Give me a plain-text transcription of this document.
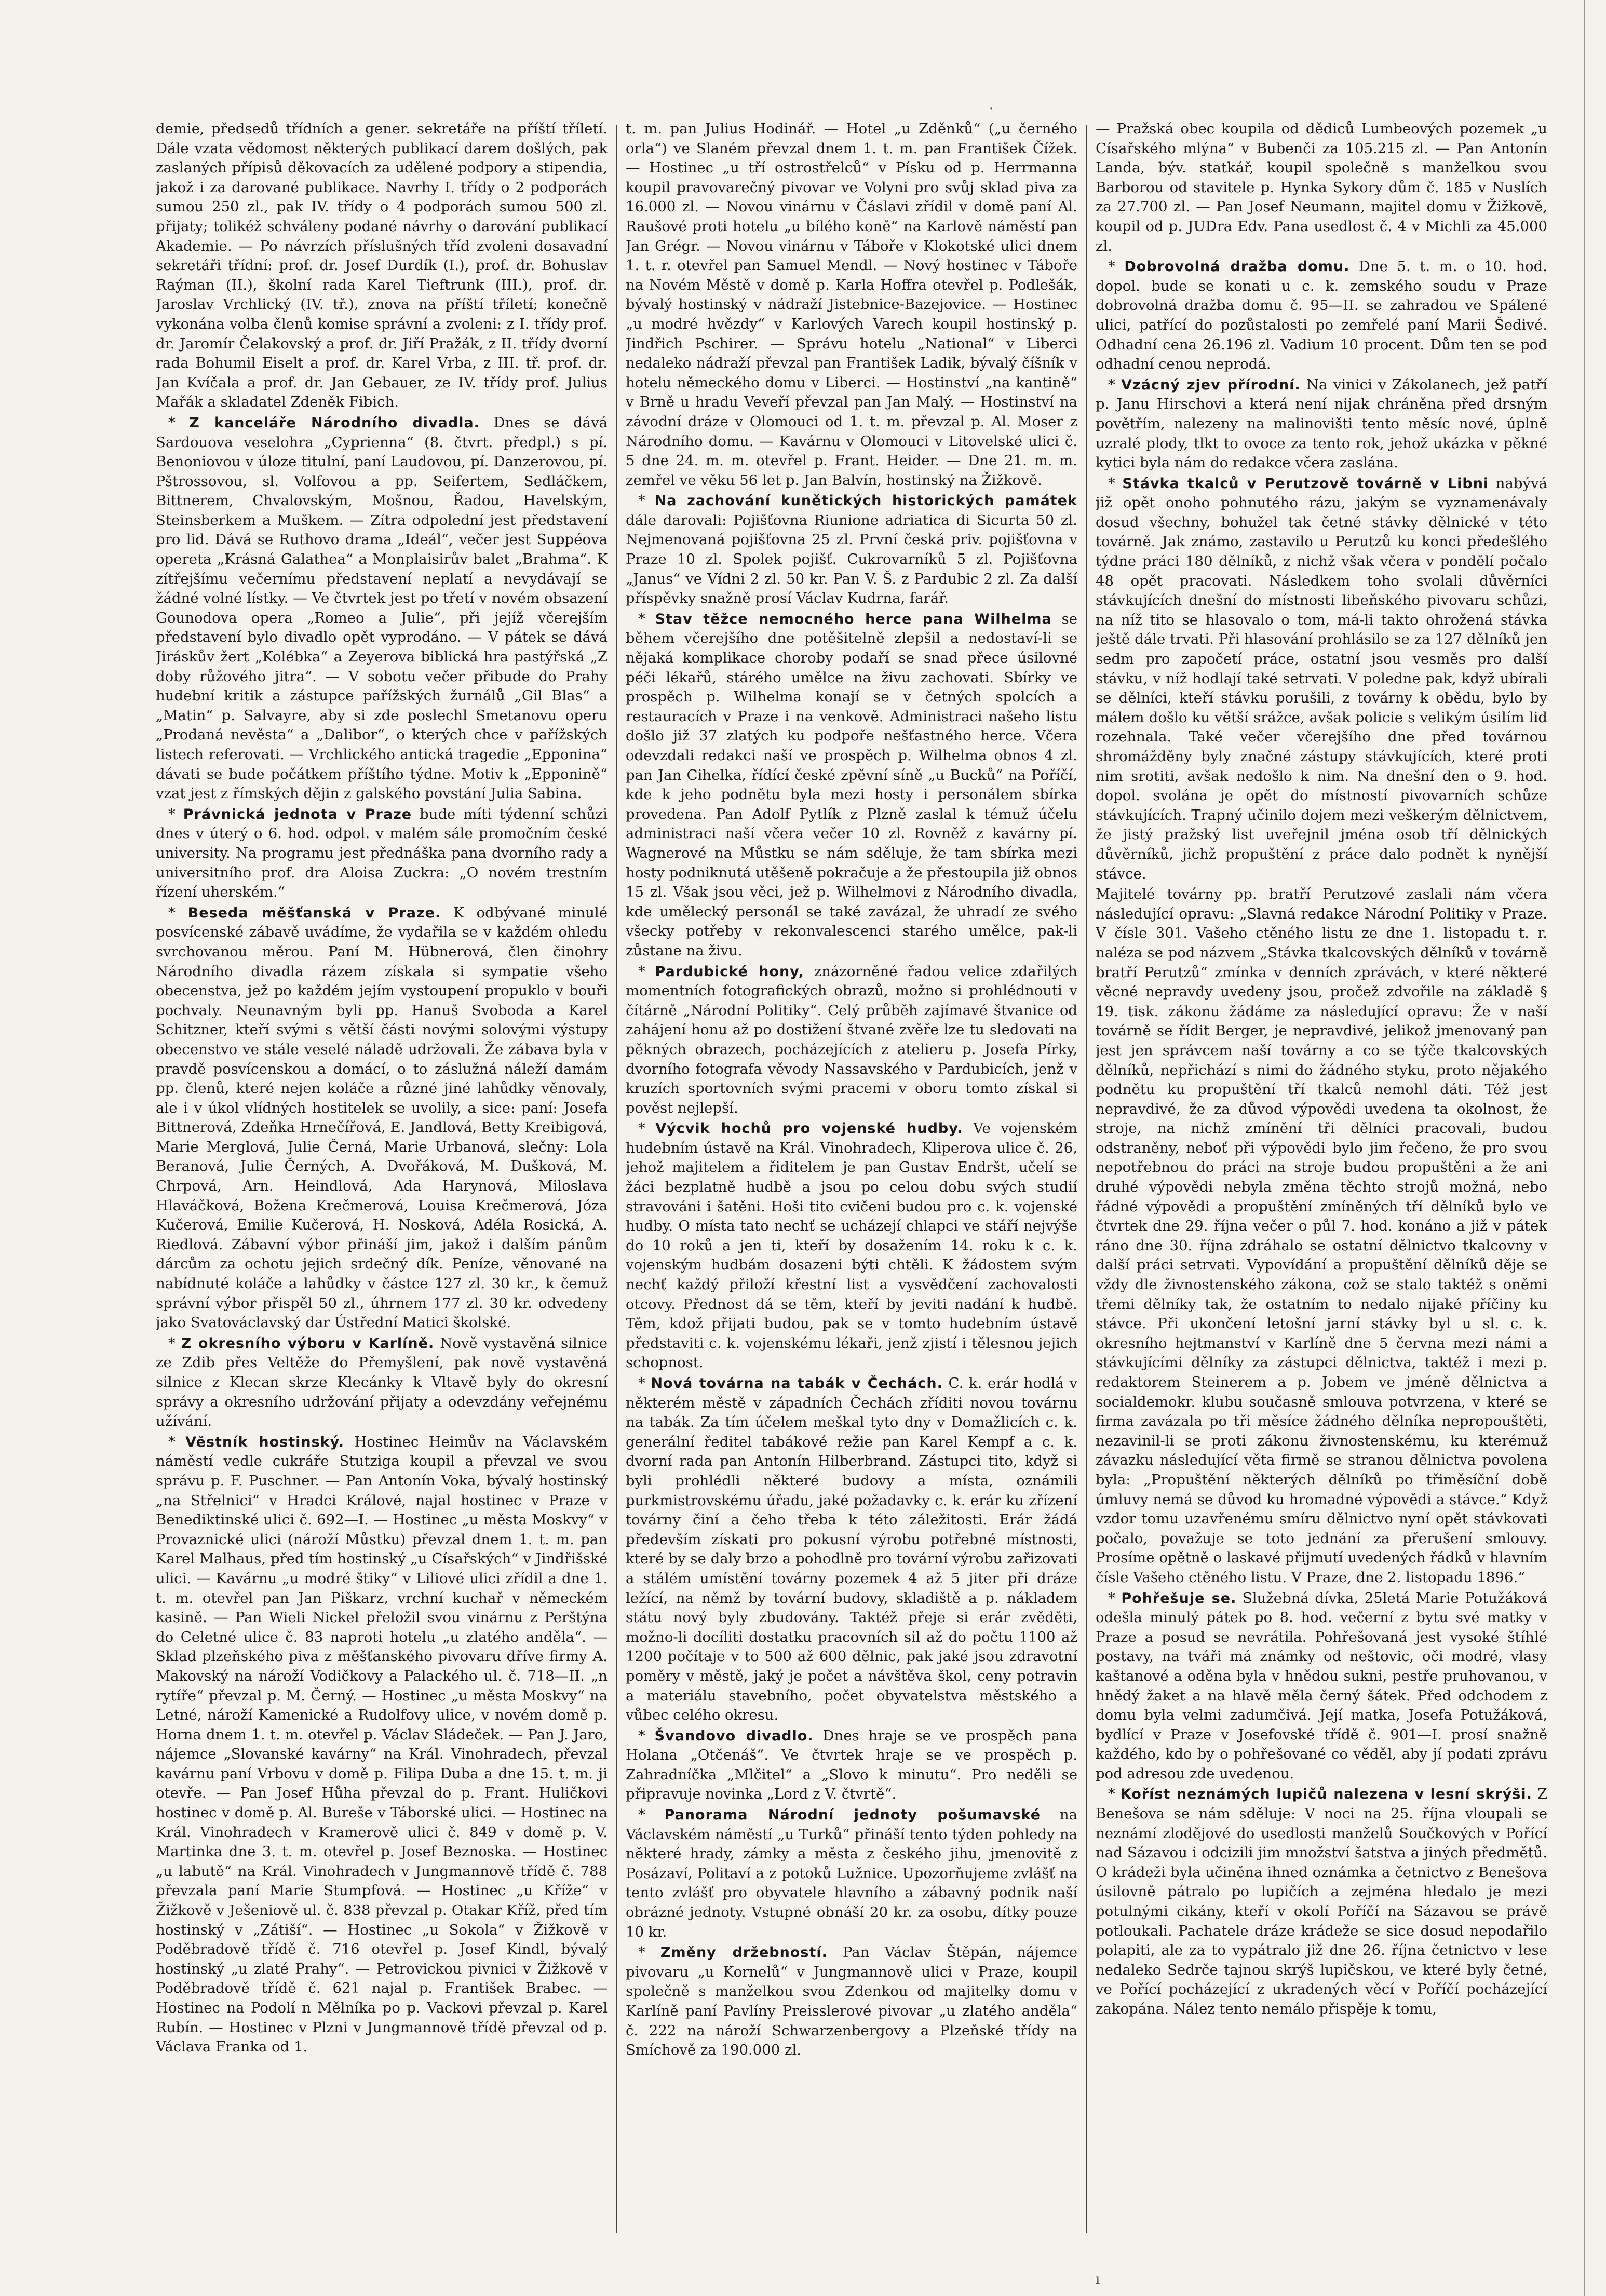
demie, předsedů třídních a gener. sekretáře na příští tříletí. Dále vzata vědomost některých publikací darem došlých, pak zaslaných přípisů děkovacích za udělené podpory a stipendia, jakož i za darované publikace. Navrhy I. třídy o 2 podporách sumou 250 zl., pak IV. třídy o 4 podporách sumou 500 zl. přijaty; tolikéž schváleny podané návrhy o darování publikací Akademie. — Po návrzích příslušných tříd zvoleni dosavadní sekretáři třídní: prof. dr. Josef Durdík (I.), prof. dr. Bohuslav Raýman (II.), školní rada Karel Tieftrunk (III.), prof. dr. Jaroslav Vrchlický (IV. tř.), znova na příští tříletí; konečně vykonána volba členů komise správní a zvoleni: z I. třídy prof. dr. Jaromír Čelakovský a prof. dr. Jiří Pražák, z II. třídy dvorní rada Bohumil Eiselt a prof. dr. Karel Vrba, z III. tř. prof. dr. Jan Kvíčala a prof. dr. Jan Gebauer, ze IV. třídy prof. Julius Mařák a skladatel Zdeněk Fibich.

* Z kanceláře Národního divadla. Dnes se dává Sardouova veselohra „Cyprienna“ (8. čtvrt. předpl.) s pí. Benoniovou v úloze titulní, paní Laudovou, pí. Danzerovou, pí. Pštrossovou, sl. Volfovou a pp. Seifertem, Sedláčkem, Bittnerem, Chvalovským, Mošnou, Řadou, Havelským, Steinsberkem a Muškem. — Zítra odpolední jest představení pro lid. Dává se Ruthovo drama „Ideál“, večer jest Suppéova opereta „Krásná Galathea“ a Monplaisirův balet „Brahma“. K zítřejšímu večernímu představení neplatí a nevydávají se žádné volné lístky. — Ve čtvrtek jest po třetí v novém obsazení Gounodova opera „Romeo a Julie“, při jejíž včerejším představení bylo divadlo opět vyprodáno. — V pátek se dává Jiráskův žert „Kolébka“ a Zeyerova biblická hra pastýřská „Z doby růžového jitra“. — V sobotu večer přibude do Prahy hudební kritik a zástupce pařížských žurnálů „Gil Blas“ a „Matin“ p. Salvayre, aby si zde poslechl Smetanovu operu „Prodaná nevěsta“ a „Dalibor“, o kterých chce v pařížských listech referovati. — Vrchlického antická tragedie „Epponina“ dávati se bude počátkem příštího týdne. Motiv k „Epponině“ vzat jest z římských dějin z galského povstání Julia Sabina.

* Právnická jednota v Praze bude míti týdenní schůzi dnes v úterý o 6. hod. odpol. v malém sále promočním české university. Na programu jest přednáška pana dvorního rady a universitního prof. dra Aloisa Zuckra: „O novém trestním řízení uherském.“

* Beseda měšťanská v Praze. K odbývané minulé posvícenské zábavě uvádíme, že vydařila se v každém ohledu svrchovanou měrou. Paní M. Hübnerová, člen činohry Národního divadla rázem získala si sympatie všeho obecenstva, jež po každém jejím vystoupení propuklo v bouři pochvaly. Neunavným byli pp. Hanuš Svoboda a Karel Schitzner, kteří svými s větší části novými solovými výstupy obecenstvo ve stále veselé náladě udržovali. Že zábava byla v pravdě posvícenskou a domácí, o to záslužná náleží damám pp. členů, které nejen koláče a různé jiné lahůdky věnovaly, ale i v úkol vlídných hostitelek se uvolily, a sice: paní: Josefa Bittnerová, Zdeňka Hrnečířová, E. Jandlová, Betty Kreibigová, Marie Merglová, Julie Černá, Marie Urbanová, slečny: Lola Beranová, Julie Černých, A. Dvořáková, M. Dušková, M. Chrpová, Arn. Heindlová, Ada Harynová, Miloslava Hlaváčková, Božena Krečmerová, Louisa Krečmerová, Józa Kučerová, Emilie Kučerová, H. Nosková, Adéla Rosická, A. Riedlová. Zábavní výbor přináší jim, jakož i dalším pánům dárcům za ochotu jejich srdečný dík. Peníze, věnované na nabídnuté koláče a lahůdky v částce 127 zl. 30 kr., k čemuž správní výbor přispěl 50 zl., úhrnem 177 zl. 30 kr. odvedeny jako Svatováclavský dar Ústřední Matici školské.

* Z okresního výboru v Karlíně. Nově vystavěná silnice ze Zdib přes Veltěže do Přemyšlení, pak nově vystavěná silnice z Klecan skrze Klecánky k Vltavě byly do okresní správy a okresního udržování přijaty a odevzdány veřejnému užívání.

* Věstník hostinský. Hostinec Heimův na Václavském náměstí vedle cukráře Stutziga koupil a převzal ve svou správu p. F. Puschner. — Pan Antonín Voka, bývalý hostinský „na Střelnici“ v Hradci Králové, najal hostinec v Praze v Benediktinské ulici č. 692—I. — Hostinec „u města Moskvy“ v Provaznické ulici (nároží Můstku) převzal dnem 1. t. m. pan Karel Malhaus, před tím hostinský „u Císařských“ v Jindřišské ulici. — Kavárnu „u modré štiky“ v Liliové ulici zřídil a dne 1. t. m. otevřel pan Jan Piškarz, vrchní kuchař v německém kasině. — Pan Wieli Nickel přeložil svou vinárnu z Perštýna do Celetné ulice č. 83 naproti hotelu „u zlatého anděla“. — Sklad plzeňského piva z měšťanského pivovaru dříve firmy A. Makovský na nároží Vodičkovy a Palackého ul. č. 718—II. „n rytíře“ převzal p. M. Černý. — Hostinec „u města Moskvy“ na Letné, nároží Kamenické a Rudolfovy ulice, v novém domě p. Horna dnem 1. t. m. otevřel p. Václav Sládeček. — Pan J. Jaro, nájemce „Slovanské kavárny“ na Král. Vinohradech, převzal kavárnu paní Vrbovu v domě p. Filipa Duba a dne 15. t. m. ji otevře. — Pan Josef Hůha převzal do p. Frant. Huličkovi hostinec v domě p. Al. Bureše v Táborské ulici. — Hostinec na Král. Vinohradech v Kramerově ulici č. 849 v domě p. V. Martinka dne 3. t. m. otevřel p. Josef Beznoska. — Hostinec „u labutě“ na Král. Vinohradech v Jungmannově třídě č. 788 převzala paní Marie Stumpfová. — Hostinec „u Kříže“ v Žižkově v Ješeniově ul. č. 838 převzal p. Otakar Kříž, před tím hostinský v „Zátiší“. — Hostinec „u Sokola“ v Žižkově v Poděbradově třídě č. 716 otevřel p. Josef Kindl, bývalý hostinský „u zlaté Prahy“. — Petrovickou pivnici v Žižkově v Poděbradově třídě č. 621 najal p. František Brabec. — Hostinec na Podolí n Mělníka po p. Vackovi převzal p. Karel Rubín. — Hostinec v Plzni v Jungmannově třídě převzal od p. Václava Franka od 1.

t. m. pan Julius Hodinář. — Hotel „u Zděnků“ („u černého orla“) ve Slaném převzal dnem 1. t. m. pan František Čížek. — Hostinec „u tří ostrostřelců“ v Písku od p. Herrmanna koupil pravovarečný pivovar ve Volyni pro svůj sklad piva za 16.000 zl. — Novou vinárnu v Čáslavi zřídil v domě paní Al. Raušové proti hotelu „u bílého koně“ na Karlově náměstí pan Jan Grégr. — Novou vinárnu v Táboře v Klokotské ulici dnem 1. t. r. otevřel pan Samuel Mendl. — Nový hostinec v Táboře na Novém Městě v domě p. Karla Hoffra otevřel p. Podlešák, bývalý hostinský v nádraží Jistebnice-Bazejovice. — Hostinec „u modré hvězdy“ v Karlových Varech koupil hostinský p. Jindřich Pschirer. — Správu hotelu „National“ v Liberci nedaleko nádraží převzal pan František Ladik, bývalý číšník v hotelu německého domu v Liberci. — Hostinství „na kantině“ v Brně u hradu Veveří převzal pan Jan Malý. — Hostinství na závodní dráze v Olomouci od 1. t. m. převzal p. Al. Moser z Národního domu. — Kavárnu v Olomouci v Litovelské ulici č. 5 dne 24. m. m. otevřel p. Frant. Heider. — Dne 21. m. m. zemřel ve věku 56 let p. Jan Balvín, hostinský na Žižkově.

* Na zachování kunětických historických památek dále darovali: Pojišťovna Riunione adriatica di Sicurta 50 zl. Nejmenovaná pojišťovna 25 zl. První česká priv. pojišťovna v Praze 10 zl. Spolek pojišť. Cukrovarníků 5 zl. Pojišťovna „Janus“ ve Vídni 2 zl. 50 kr. Pan V. Š. z Pardubic 2 zl. Za další příspěvky snažně prosí Václav Kudrna, farář.

* Stav těžce nemocného herce pana Wilhelma se během včerejšího dne potěšitelně zlepšil a nedostaví-li se nějaká komplikace choroby podaří se snad přece úsilovné péči lékařů, stárého umělce na živu zachovati. Sbírky ve prospěch p. Wilhelma konají se v četných spolcích a restauracích v Praze i na venkově. Administraci našeho listu došlo již 37 zlatých ku podpoře nešťastného herce. Včera odevzdali redakci naší ve prospěch p. Wilhelma obnos 4 zl. pan Jan Cihelka, řídící české zpěvní síně „u Bucků“ na Poříčí, kde k jeho podnětu byla mezi hosty i personálem sbírka provedena. Pan Adolf Pytlík z Plzně zaslal k témuž účelu administraci naší včera večer 10 zl. Rovněž z kavárny pí. Wagnerové na Můstku se nám sděluje, že tam sbírka mezi hosty podniknutá utěšeně pokračuje a že přestoupila již obnos 15 zl. Však jsou věci, jež p. Wilhelmovi z Národního divadla, kde umělecký personál se také zavázal, že uhradí ze svého všecky potřeby v rekonvalescenci starého umělce, pak-li zůstane na živu.

* Pardubické hony, znázorněné řadou velice zdařilých momentních fotografických obrazů, možno si prohlédnouti v čítárně „Národní Politiky“. Celý průběh zajímavé štvanice od zahájení honu až po dostižení štvané zvěře lze tu sledovati na pěkných obrazech, pocházejících z atelieru p. Josefa Pírky, dvorního fotografa věvody Nassavského v Pardubicích, jenž v kruzích sportovních svými pracemi v oboru tomto získal si pověst nejlepší.

* Výcvik hochů pro vojenské hudby. Ve vojenském hudebním ústavě na Král. Vinohradech, Kliperova ulice č. 26, jehož majitelem a řiditelem je pan Gustav Endršt, učelí se žáci bezplatně hudbě a jsou po celou dobu svých studií stravováni i šatěni. Hoši tito cvičeni budou pro c. k. vojenské hudby. O místa tato nechť se ucházejí chlapci ve stáří nejvýše do 10 roků a jen ti, kteří by dosažením 14. roku k c. k. vojenským hudbám dosazeni býti chtěli. K žádostem svým nechť každý přiloží křestní list a vysvědčení zachovalosti otcovy. Přednost dá se těm, kteří by jeviti nadání k hudbě. Těm, kdož přijati budou, pak se v tomto hudebním ústavě představiti c. k. vojenskému lékaři, jenž zjistí i tělesnou jejich schopnost.

* Nová továrna na tabák v Čechách. C. k. erár hodlá v některém městě v západních Čechách zříditi novou továrnu na tabák. Za tím účelem meškal tyto dny v Domažlicích c. k. generální ředitel tabákové režie pan Karel Kempf a c. k. dvorní rada pan Antonín Hilberbrand. Zástupci tito, když si byli prohlédli některé budovy a místa, oznámili purkmistrovskému úřadu, jaké požadavky c. k. erár ku zřízení továrny činí a čeho třeba k této záležitosti. Erár žádá především získati pro pokusní výrobu potřebné místnosti, které by se daly brzo a pohodlně pro tovární výrobu zařizovati a stálém umístění továrny pozemek 4 až 5 jiter při dráze ležící, na němž by tovární budovy, skladiště a p. nákladem státu nový byly zbudovány. Taktéž přeje si erár zvěděti, možno-li docíliti dostatku pracovních sil až do počtu 1100 až 1200 počítaje v to 500 až 600 dělnic, pak jaké jsou zdravotní poměry v městě, jaký je počet a návštěva škol, ceny potravin a materiálu stavebního, počet obyvatelstva městského a vůbec celého okresu.

* Švandovo divadlo. Dnes hraje se ve prospěch pana Holana „Otčenáš“. Ve čtvrtek hraje se ve prospěch p. Zahradníčka „Mlčitel“ a „Slovo k minutu“. Pro neděli se připravuje novinka „Lord z V. čtvrtě“.

* Panorama Národní jednoty pošumavské na Václavském náměstí „u Turků“ přináší tento týden pohledy na některé hrady, zámky a města z českého jihu, jmenovitě z Posázaví, Politaví a z potoků Lužnice. Upozorňujeme zvlášť na tento zvlášť pro obyvatele hlavního a zábavný podnik naší obrázné jednoty. Vstupné obnáší 20 kr. za osobu, dítky pouze 10 kr.

* Změny držebností. Pan Václav Štěpán, nájemce pivovaru „u Kornelů“ v Jungmannově ulici v Praze, koupil společně s manželkou svou Zdenkou od majitelky domu v Karlíně paní Pavlíny Preisslerové pivovar „u zlatého anděla“ č. 222 na nároží Schwarzenbergovy a Plzeňské třídy na Smíchově za 190.000 zl.

— Pražská obec koupila od dědiců Lumbeových pozemek „u Císařského mlýna“ v Bubenči za 105.215 zl. — Pan Antonín Landa, býv. statkář, koupil společně s manželkou svou Barborou od stavitele p. Hynka Sykory dům č. 185 v Nuslích za 27.700 zl. — Pan Josef Neumann, majitel domu v Žižkově, koupil od p. JUDra Edv. Pana usedlost č. 4 v Michli za 45.000 zl.

* Dobrovolná dražba domu. Dne 5. t. m. o 10. hod. dopol. bude se konati u c. k. zemského soudu v Praze dobrovolná dražba domu č. 95—II. se zahradou ve Spálené ulici, patřící do pozůstalosti po zemřelé paní Marii Šedivé. Odhadní cena 26.196 zl. Vadium 10 procent. Dům ten se pod odhadní cenou neprodá.

* Vzácný zjev přírodní. Na vinici v Zákolanech, jež patří p. Janu Hirschovi a která není nijak chráněna před drsným povětřím, nalezeny na malinovišti tento měsíc nové, úplně uzralé plody, tlkt to ovoce za tento rok, jehož ukázka v pěkné kytici byla nám do redakce včera zaslána.

* Stávka tkalců v Perutzově továrně v Libni nabývá již opět onoho pohnutého rázu, jakým se vyznamenávaly dosud všechny, bohužel tak četné stávky dělnické v této továrně. Jak známo, zastavilo u Perutzů ku konci předešlého týdne práci 180 dělníků, z nichž však včera v pondělí počalo 48 opět pracovati. Následkem toho svolali důvěrníci stávkujících dnešní do místnosti libeňského pivovaru schůzi, na níž tito se hlasovalo o tom, má-li takto ohrožená stávka ještě dále trvati. Při hlasování prohlásilo se za 127 dělníků jen sedm pro započetí práce, ostatní jsou vesměs pro další stávku, v níž hodlají také setrvati. V poledne pak, když ubírali se dělníci, kteří stávku porušili, z továrny k obědu, bylo by málem došlo ku větší srážce, avšak policie s velikým úsilím lid rozehnala. Také večer včerejšího dne před továrnou shromážděny byly značné zástupy stávkujících, které proti nim srotiti, avšak nedošlo k nim. Na dnešní den o 9. hod. dopol. svolána je opět do místností pivovarních schůze stávkujících. Trapný učinilo dojem mezi veškerým dělnictvem, že jistý pražský list uveřejnil jména osob tří dělnických důvěrníků, jichž propuštění z práce dalo podnět k nynější stávce.

Majitelé továrny pp. bratří Perutzové zaslali nám včera následující opravu: „Slavná redakce Národní Politiky v Praze. V čísle 301. Vašeho ctěného listu ze dne 1. listopadu t. r. naléza se pod názvem „Stávka tkalcovských dělníků v továrně bratří Perutzů“ zmínka v denních zprávách, v které některé věcné nepravdy uvedeny jsou, pročež zdvořile na základě § 19. tisk. zákonu žádáme za následující opravu: Že v naší továrně se řídit Berger, je nepravdivé, jelikož jmenovaný pan jest jen správcem naší továrny a co se týče tkalcovských dělníků, nepřichází s nimi do žádného styku, proto nějakého podnětu ku propuštění tří tkalců nemohl dáti. Též jest nepravdivé, že za důvod výpovědi uvedena ta okolnost, že stroje, na nichž zmínění tři dělníci pracovali, budou odstraněny, neboť při výpovědi bylo jim řečeno, že pro svou nepotřebnou do práci na stroje budou propuštěni a že ani druhé výpovědi nebyla změna těchto strojů možná, nebo řádné výpovědi a propuštění zmíněných tří dělníků bylo ve čtvrtek dne 29. října večer o půl 7. hod. konáno a již v pátek ráno dne 30. října zdráhalo se ostatní dělnictvo tkalcovny v další práci setrvati. Vypovídání a propuštění dělníků děje se vždy dle živnostenského zákona, což se stalo taktéž s oněmi třemi dělníky tak, že ostatním to nedalo nijaké příčiny ku stávce. Při ukončení letošní jarní stávky byl u sl. c. k. okresního hejtmanství v Karlíně dne 5 června mezi námi a stávkujícími dělníky za zástupci dělnictva, taktéž i mezi p. redaktorem Steinerem a p. Jobem ve jméně dělnictva a socialdemokr. klubu současně smlouva potvrzena, v které se firma zavázala po tři měsíce žádného dělníka nepropouštěti, nezavinil-li se proti zákonu živnostenskému, ku kterémuž závazku následující věta firmě se stranou dělnictva povolena byla: „Propuštění některých dělníků po třiměsíční době úmluvy nemá se důvod ku hromadné výpovědi a stávce.“ Když vzdor tomu uzavřenému smíru dělnictvo nyní opět stávkovati počalo, považuje se toto jednání za přerušení smlouvy. Prosíme opětně o laskavé přijmutí uvedených řádků v hlavním čísle Vašeho ctěného listu. V Praze, dne 2. listopadu 1896.“

* Pohřešuje se. Služebná dívka, 25letá Marie Potužáková odešla minulý pátek po 8. hod. večerní z bytu své matky v Praze a posud se nevrátila. Pohřešovaná jest vysoké štíhlé postavy, na tváři má známky od neštovic, oči modré, vlasy kaštanové a oděna byla v hnědou sukni, pestře pruhovanou, v hnědý žaket a na hlavě měla černý šátek. Před odchodem z domu byla velmi zadumčivá. Její matka, Josefa Potužáková, bydlící v Praze v Josefovské třídě č. 901—I. prosí snažně každého, kdo by o pohřešované co věděl, aby jí podati zprávu pod adresou zde uvedenou.

* Koříst neznámých lupičů nalezena v lesní skrýši. Z Benešova se nám sděluje: V noci na 25. října vloupali se neznámí zlodějové do usedlosti manželů Součkových v Pořící nad Sázavou i odcizili jim množství šatstva a jiných předmětů. O krádeži byla učiněna ihned oznámka a četnictvo z Benešova úsilovně pátralo po lupičích a zejména hledalo je mezi potulnými cikány, kteří v okolí Poříčí na Sázavou se právě potloukali. Pachatele dráze krádeže se sice dosud nepodařilo polapiti, ale za to vypátralo již dne 26. října četnictvo v lese nedaleko Sedrče tajnou skrýš lupičskou, ve které byly četné, ve Pořící pocházející z ukradených věcí v Poříčí pocházející zakopána. Nález tento nemálo přispěje k tomu,

·
ı
